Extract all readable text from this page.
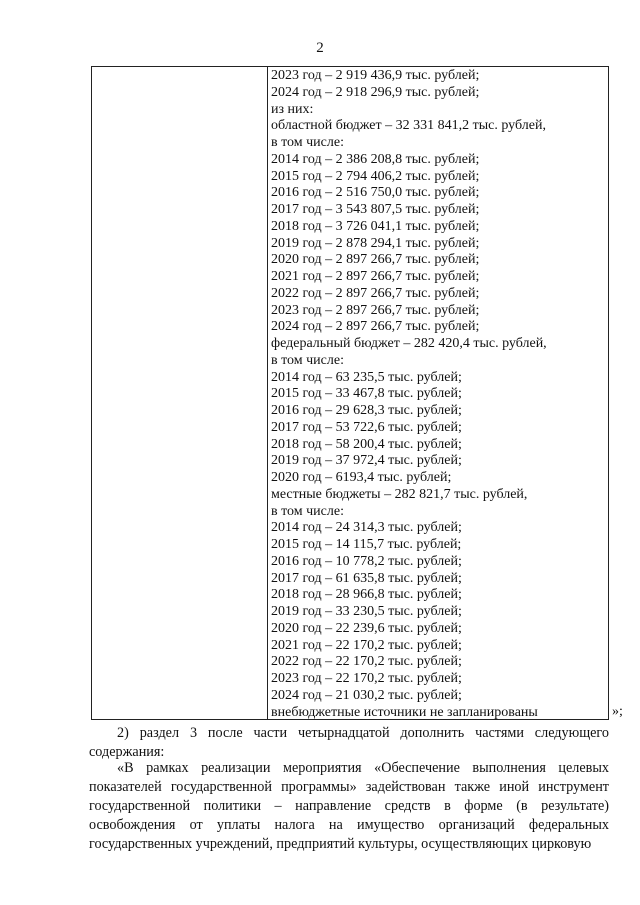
2
2023 год – 2 919 436,9 тыс. рублей;
2024 год – 2 918 296,9 тыс. рублей;
из них:
областной бюджет – 32 331 841,2 тыс. рублей,
в том числе:
2014 год – 2 386 208,8 тыс. рублей;
2015 год – 2 794 406,2 тыс. рублей;
2016 год – 2 516 750,0 тыс. рублей;
2017 год – 3 543 807,5 тыс. рублей;
2018 год – 3 726 041,1 тыс. рублей;
2019 год – 2 878 294,1 тыс. рублей;
2020 год – 2 897 266,7 тыс. рублей;
2021 год – 2 897 266,7 тыс. рублей;
2022 год – 2 897 266,7 тыс. рублей;
2023 год – 2 897 266,7 тыс. рублей;
2024 год – 2 897 266,7 тыс. рублей;
федеральный бюджет – 282 420,4 тыс. рублей,
в том числе:
2014 год – 63 235,5 тыс. рублей;
2015 год – 33 467,8 тыс. рублей;
2016 год – 29 628,3 тыс. рублей;
2017 год – 53 722,6 тыс. рублей;
2018 год – 58 200,4 тыс. рублей;
2019 год – 37 972,4 тыс. рублей;
2020 год – 6193,4 тыс. рублей;
местные бюджеты – 282 821,7 тыс. рублей,
в том числе:
2014 год – 24 314,3 тыс. рублей;
2015 год – 14 115,7 тыс. рублей;
2016 год – 10 778,2 тыс. рублей;
2017 год – 61 635,8 тыс. рублей;
2018 год – 28 966,8 тыс. рублей;
2019 год – 33 230,5 тыс. рублей;
2020 год – 22 239,6 тыс. рублей;
2021 год – 22 170,2 тыс. рублей;
2022 год – 22 170,2 тыс. рублей;
2023 год – 22 170,2 тыс. рублей;
2024 год – 21 030,2 тыс. рублей;
внебюджетные источники не запланированы	»;

2) раздел 3 после части четырнадцатой дополнить частями следующего

содержания:

«В рамках реализации мероприятия «Обеспечение выполнения целевых показателей государственной программы» задействован также иной инструмент государственной политики – направление средств в форме (в результате) освобождения от уплаты налога на имущество организаций федеральных государственных учреждений, предприятий культуры, осуществляющих цирковую
